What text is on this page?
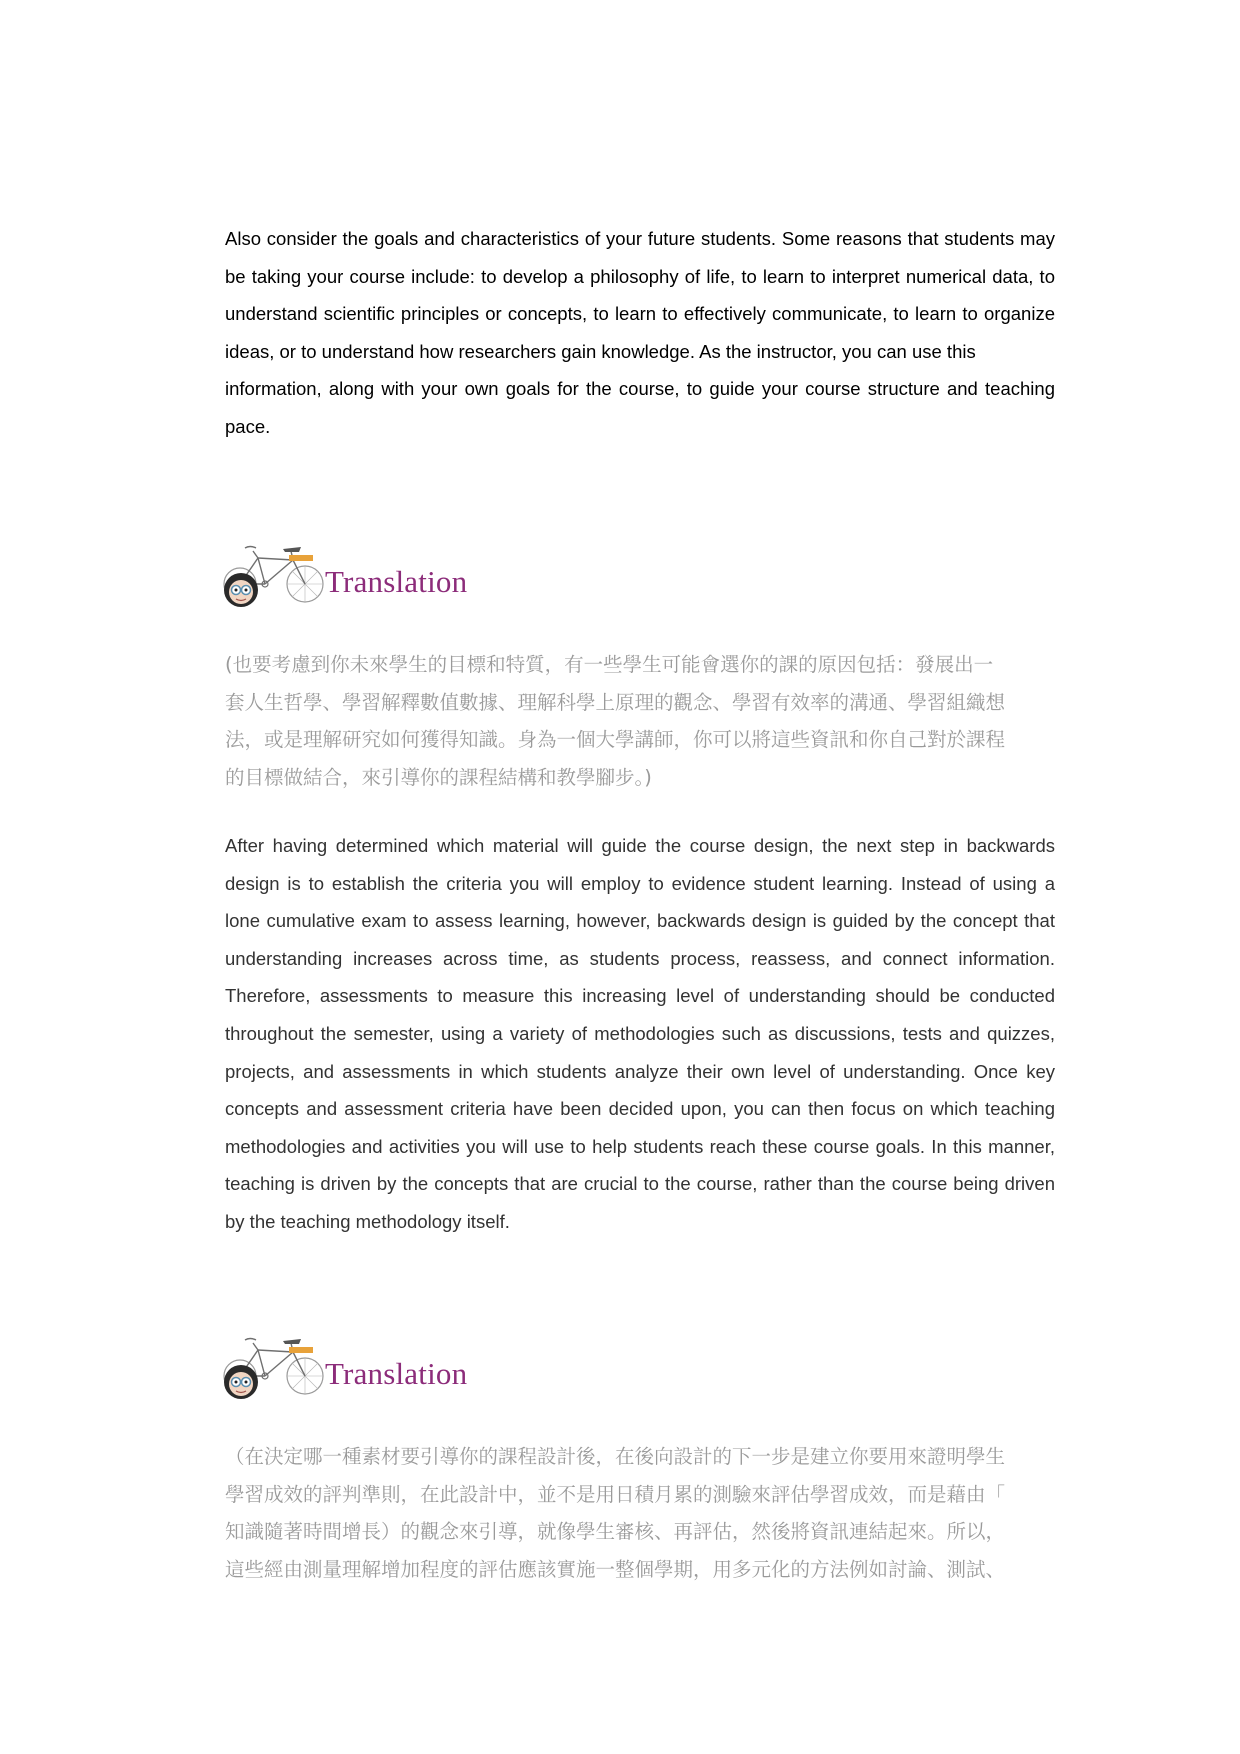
Also consider the goals and characteristics of your future students. Some reasons that students may
be taking your course include: to develop a philosophy of life, to learn to interpret numerical data, to
understand scientific principles or concepts, to learn to effectively communicate, to learn to organize
ideas, or to understand how researchers gain knowledge. As the instructor, you can use this
information, along with your own goals for the course, to guide your course structure and teaching
pace.
Translation
(也要考慮到你未來學生的目標和特質，有一些學生可能會選你的課的原因包括：發展出一
套人生哲學、學習解釋數值數據、理解科學上原理的觀念、學習有效率的溝通、學習組織想
法，或是理解研究如何獲得知識。身為一個大學講師，你可以將這些資訊和你自己對於課程
的目標做結合，來引導你的課程結構和教學腳步。)
After having determined which material will guide the course design, the next step in backwards
design is to establish the criteria you will employ to evidence student learning. Instead of using a
lone cumulative exam to assess learning, however, backwards design is guided by the concept that
understanding increases across time, as students process, reassess, and connect information.
Therefore, assessments to measure this increasing level of understanding should be conducted
throughout the semester, using a variety of methodologies such as discussions, tests and quizzes,
projects, and assessments in which students analyze their own level of understanding. Once key
concepts and assessment criteria have been decided upon, you can then focus on which teaching
methodologies and activities you will use to help students reach these course goals. In this manner,
teaching is driven by the concepts that are crucial to the course, rather than the course being driven
by the teaching methodology itself.
Translation
（在決定哪一種素材要引導你的課程設計後，在後向設計的下一步是建立你要用來證明學生
學習成效的評判準則，在此設計中，並不是用日積月累的測驗來評估學習成效，而是藉由「
知識隨著時間增長）的觀念來引導，就像學生審核、再評估，然後將資訊連結起來。所以，
這些經由測量理解增加程度的評估應該實施一整個學期，用多元化的方法例如討論、測試、
